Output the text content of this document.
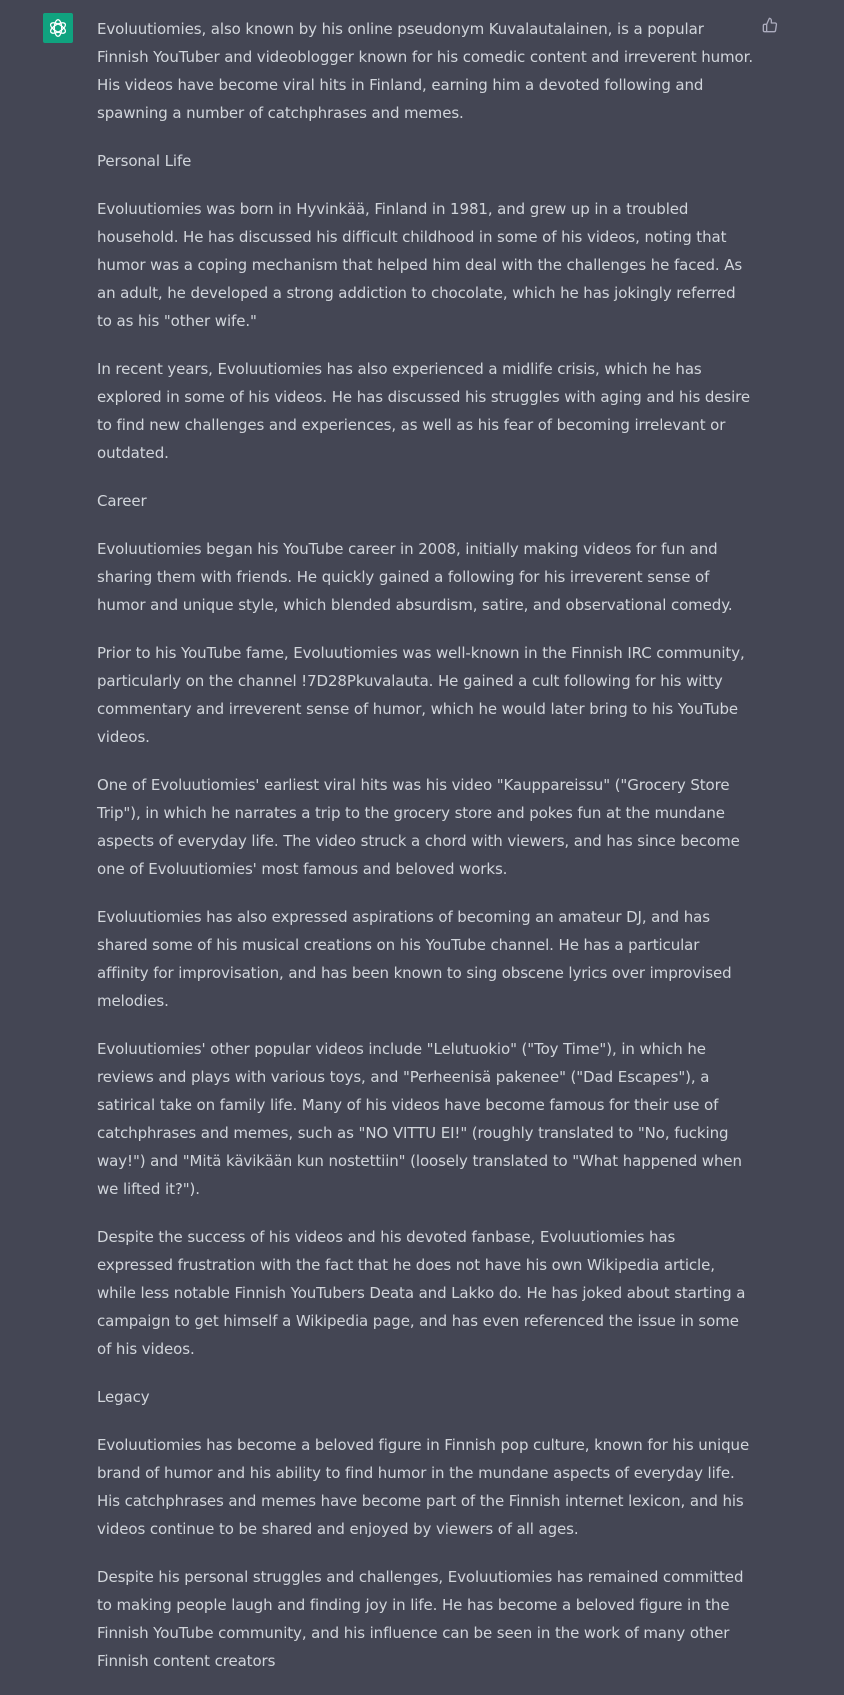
Evoluutiomies, also known by his online pseudonym Kuvalautalainen, is a popular Finnish YouTuber and videoblogger known for his comedic content and irreverent humor. His videos have become viral hits in Finland, earning him a devoted following and spawning a number of catchphrases and memes.

Personal Life

Evoluutiomies was born in Hyvinkää, Finland in 1981, and grew up in a troubled household. He has discussed his difficult childhood in some of his videos, noting that humor was a coping mechanism that helped him deal with the challenges he faced. As an adult, he developed a strong addiction to chocolate, which he has jokingly referred to as his "other wife."

In recent years, Evoluutiomies has also experienced a midlife crisis, which he has explored in some of his videos. He has discussed his struggles with aging and his desire to find new challenges and experiences, as well as his fear of becoming irrelevant or outdated.

Career

Evoluutiomies began his YouTube career in 2008, initially making videos for fun and sharing them with friends. He quickly gained a following for his irreverent sense of humor and unique style, which blended absurdism, satire, and observational comedy.

Prior to his YouTube fame, Evoluutiomies was well-known in the Finnish IRC community, particularly on the channel !7D28Pkuvalauta. He gained a cult following for his witty commentary and irreverent sense of humor, which he would later bring to his YouTube videos.

One of Evoluutiomies' earliest viral hits was his video "Kauppareissu" ("Grocery Store Trip"), in which he narrates a trip to the grocery store and pokes fun at the mundane aspects of everyday life. The video struck a chord with viewers, and has since become one of Evoluutiomies' most famous and beloved works.

Evoluutiomies has also expressed aspirations of becoming an amateur DJ, and has shared some of his musical creations on his YouTube channel. He has a particular affinity for improvisation, and has been known to sing obscene lyrics over improvised melodies.

Evoluutiomies' other popular videos include "Lelutuokio" ("Toy Time"), in which he reviews and plays with various toys, and "Perheenisä pakenee" ("Dad Escapes"), a satirical take on family life. Many of his videos have become famous for their use of catchphrases and memes, such as "NO VITTU EI!" (roughly translated to "No, fucking way!") and "Mitä kävikään kun nostettiin" (loosely translated to "What happened when we lifted it?").

Despite the success of his videos and his devoted fanbase, Evoluutiomies has expressed frustration with the fact that he does not have his own Wikipedia article, while less notable Finnish YouTubers Deata and Lakko do. He has joked about starting a campaign to get himself a Wikipedia page, and has even referenced the issue in some of his videos.

Legacy

Evoluutiomies has become a beloved figure in Finnish pop culture, known for his unique brand of humor and his ability to find humor in the mundane aspects of everyday life. His catchphrases and memes have become part of the Finnish internet lexicon, and his videos continue to be shared and enjoyed by viewers of all ages.

Despite his personal struggles and challenges, Evoluutiomies has remained committed to making people laugh and finding joy in life. He has become a beloved figure in the Finnish YouTube community, and his influence can be seen in the work of many other Finnish content creators
